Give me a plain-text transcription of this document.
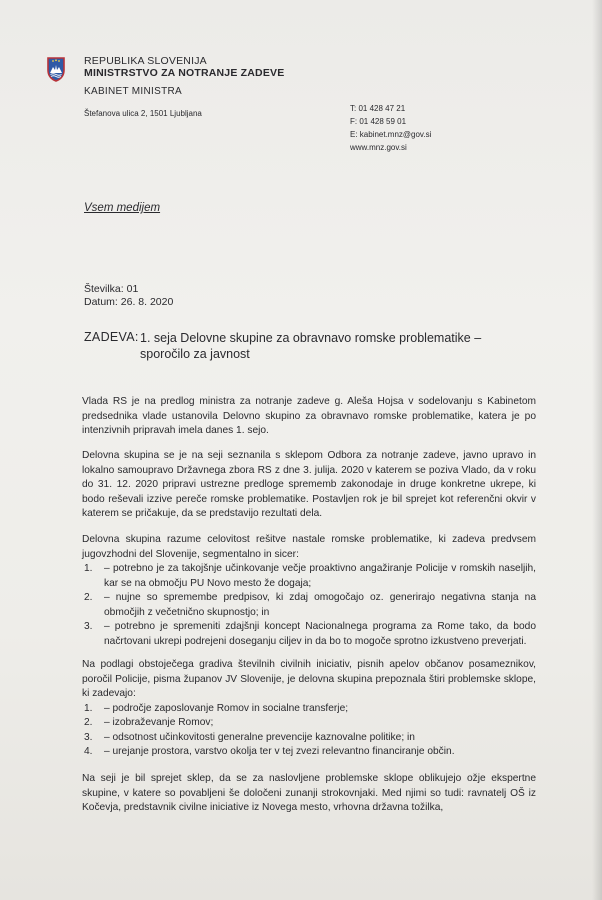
REPUBLIKA SLOVENIJA
MINISTRSTVO ZA NOTRANJE ZADEVE
KABINET MINISTRA
Štefanova ulica 2, 1501 Ljubljana
T: 01 428 47 21
F: 01 428 59 01
E: kabinet.mnz@gov.si
www.mnz.gov.si
Vsem medijem
Številka: 01
Datum: 26. 8. 2020
ZADEVA: 1. seja Delovne skupine za obravnavo romske problematike – sporočilo za javnost
Vlada RS je na predlog ministra za notranje zadeve g. Aleša Hojsa v sodelovanju s Kabinetom predsednika vlade ustanovila Delovno skupino za obravnavo romske problematike, katera je po intenzivnih pripravah imela danes 1. sejo.
Delovna skupina se je na seji seznanila s sklepom Odbora za notranje zadeve, javno upravo in lokalno samoupravo Državnega zbora RS z dne 3. julija. 2020 v katerem se poziva Vlado, da v roku do 31. 12. 2020 pripravi ustrezne predloge sprememb zakonodaje in druge konkretne ukrepe, ki bodo reševali izzive pereče romske problematike. Postavljen rok je bil sprejet kot referenčni okvir v katerem se pričakuje, da se predstavijo rezultati dela.
Delovna skupina razume celovitost rešitve nastale romske problematike, ki zadeva predvsem jugovzhodni del Slovenije, segmentalno in sicer:
1. – potrebno je za takojšnje učinkovanje večje proaktivno angažiranje Policije v romskih naseljih, kar se na območju PU Novo mesto že dogaja;
2. – nujne so spremembe predpisov, ki zdaj omogočajo oz. generirajo negativna stanja na območjih z večetnično skupnostjo; in
3. – potrebno je spremeniti zdajšnji koncept Nacionalnega programa za Rome tako, da bodo načrtovani ukrepi podrejeni doseganju ciljev in da bo to mogoče sprotno izkustveno preverjati.
Na podlagi obstoječega gradiva številnih civilnih iniciativ, pisnih apelov občanov posameznikov, poročil Policije, pisma županov JV Slovenije, je delovna skupina prepoznala štiri problemske sklope, ki zadevajo:
1. – področje zaposlovanje Romov in socialne transferje;
2. – izobraževanje Romov;
3. – odsotnost učinkovitosti generalne prevencije kaznovalne politike; in
4. – urejanje prostora, varstvo okolja ter v tej zvezi relevantno financiranje občin.
Na seji je bil sprejet sklep, da se za naslovljene problemske sklope oblikujejo ožje ekspertne skupine, v katere so povabljeni še določeni zunanji strokovnjaki. Med njimi so tudi: ravnatelj OŠ iz Kočevja, predstavnik civilne iniciative iz Novega mesto, vrhovna državna tožilka,
